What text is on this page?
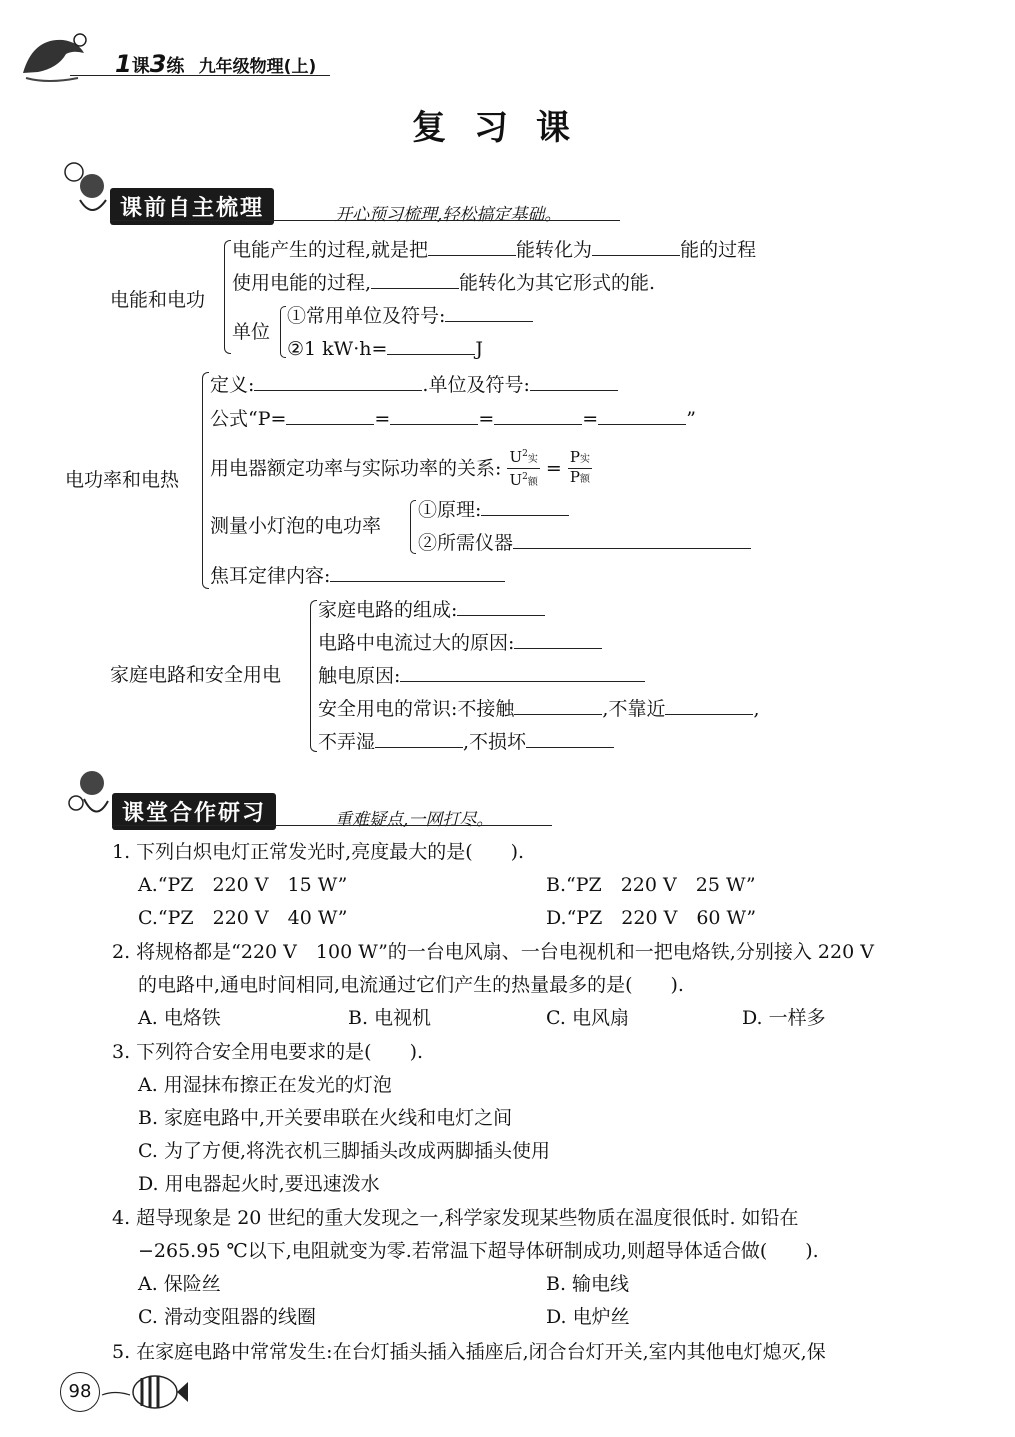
1课3练 九年级物理(上)
复习课
课前自主梳理	开心预习梳理,轻松搞定基础。
电能和电功
电能产生的过程,就是把	能转化为	能的过程
使用电能的过程,	能转化为其它形式的能.
单位
①常用单位及符号:
②1 kW·h=	J
电功率和电热
定义:	.单位及符号:
公式“P=	=	=	=	”
用电器额定功率与实际功率的关系: $\frac{U^2实}{U^2额} = \frac{\text{P实}}{\text{P额}}$
测量小灯泡的电功率
①原理:
②所需仪器
焦耳定律内容:
家庭电路和安全用电
家庭电路的组成:
电路中电流过大的原因:
触电原因:
安全用电的常识:不接触	,不靠近	,
不弄湿	,不损坏
课堂合作研习	重难疑点,一网打尽。
1. 下列白炽电灯正常发光时,亮度最大的是(　　).
A.“PZ　220 V　15 W”	B.“PZ　220 V　25 W”
C.“PZ　220 V　40 W”	D.“PZ　220 V　60 W”
2. 将规格都是“220 V　100 W”的一台电风扇、一台电视机和一把电烙铁,分别接入 220 V
的电路中,通电时间相同,电流通过它们产生的热量最多的是(　　).
A. 电烙铁	B. 电视机	C. 电风扇	D. 一样多
3. 下列符合安全用电要求的是(　　).
A. 用湿抹布擦正在发光的灯泡
B. 家庭电路中,开关要串联在火线和电灯之间
C. 为了方便,将洗衣机三脚插头改成两脚插头使用
D. 用电器起火时,要迅速泼水
4. 超导现象是 20 世纪的重大发现之一,科学家发现某些物质在温度很低时. 如铅在
−265.95 ℃以下,电阻就变为零.若常温下超导体研制成功,则超导体适合做(　　).
A. 保险丝	B. 输电线
C. 滑动变阻器的线圈	D. 电炉丝
5. 在家庭电路中常常发生:在台灯插头插入插座后,闭合台灯开关,室内其他电灯熄灭,保
98
